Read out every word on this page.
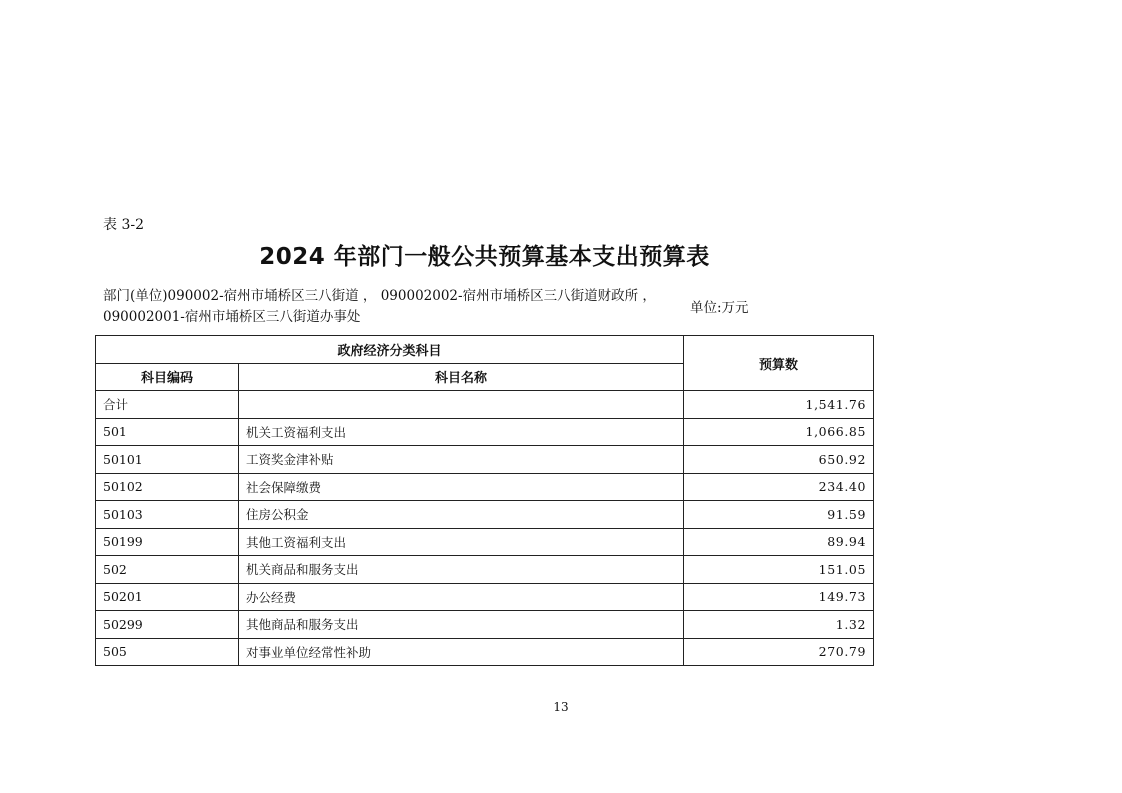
表 3-2
2024 年部门一般公共预算基本支出预算表
部门(单位)090002-宿州市埇桥区三八街道 ， 090002002-宿州市埇桥区三八街道财政所 ，
090002001-宿州市埇桥区三八街道办事处
单位:万元
政府经济分类科目		预算数
科目编码	科目名称	
合计		1,541.76
501	机关工资福利支出	1,066.85
50101	工资奖金津补贴	650.92
50102	社会保障缴费	234.40
50103	住房公积金	91.59
50199	其他工资福利支出	89.94
502	机关商品和服务支出	151.05
50201	办公经费	149.73
50299	其他商品和服务支出	1.32
505	对事业单位经常性补助	270.79
13
